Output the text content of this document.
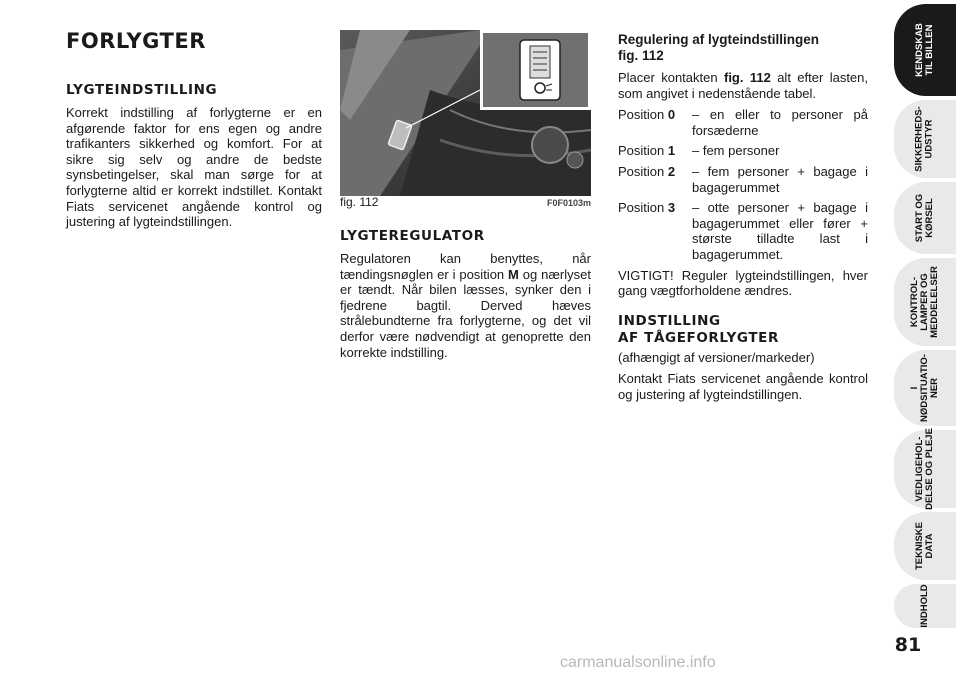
FORLYGTER
LYGTEINDSTILLING

Korrekt indstilling af forlygterne er en afgørende faktor for ens egen og andre trafikanters sikkerhed og komfort. For at sikre sig selv og andre de bedste synsbetingelser, skal man sørge for at forlygterne altid er korrekt indstillet. Kontakt Fiats servicenet angående kontrol og justering af lygteindstillingen.

fig. 112	F0F0103m
LYGTEREGULATOR

Regulatoren kan benyttes, når tændingsnøglen er i position M og nærlyset er tændt. Når bilen læsses, synker den i fjedrene bagtil. Derved hæves strålebundterne fra forlygterne, og det vil derfor være nødvendigt at genoprette den korrekte indstilling.

Regulering af lygteindstillingen
fig. 112

Placer kontakten fig. 112 alt efter lasten, som angivet i nedenstående tabel.

Position 0	– en eller to personer på forsæderne
Position 1	– fem personer
Position 2	– fem personer + bagage i bagagerummet
Position 3	– otte personer + bagage i bagagerummet eller fører + største tilladte last i bagagerummet.

VIGTIGT! Reguler lygteindstillingen, hver gang vægtforholdene ændres.

INDSTILLING
AF TÅGEFORLYGTER

(afhængigt af versioner/markeder)

Kontakt Fiats servicenet angående kontrol og justering af lygteindstillingen.

KENDSKAB
TIL BILLEN
SIKKERHEDS-
UDSTYR
START OG
KØRSEL
KONTROL-
LAMPER OG
MEDDELELSER
I
NØDSITUATIO-
NER
VEDLIGEHOL-
DELSE OG PLEJE
TEKNISKE
DATA
INDHOLD
81
carmanualsonline.info
